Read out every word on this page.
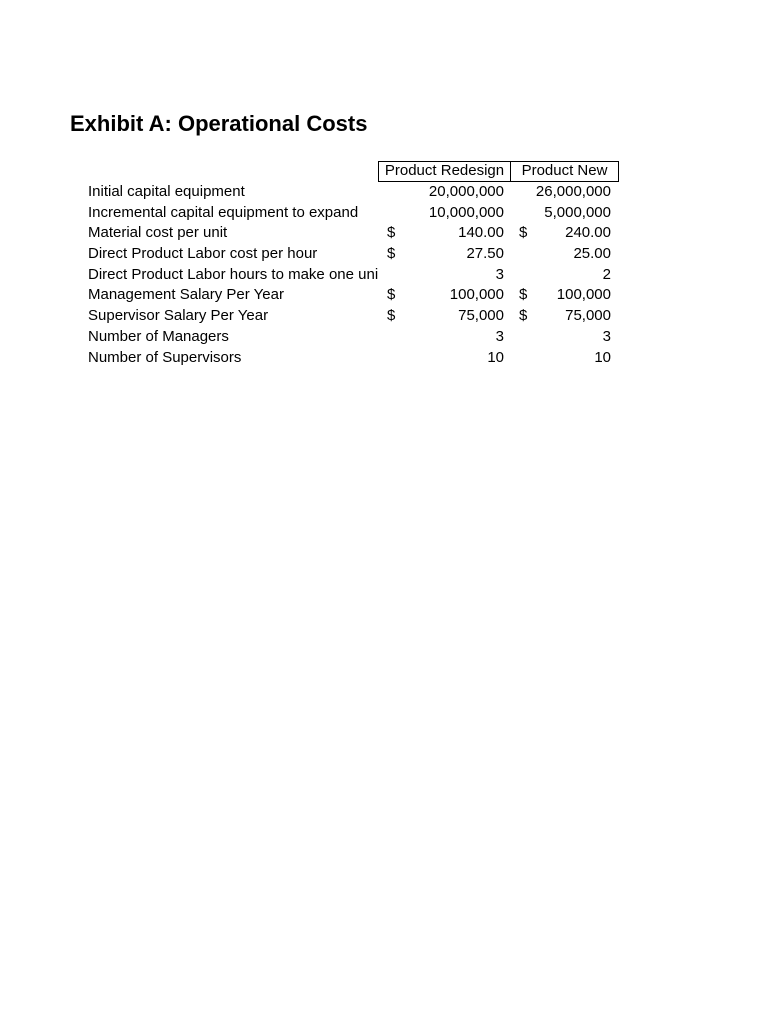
Exhibit A: Operational Costs
Product Redesign	Product New
Initial capital equipment	20,000,000	26,000,000
Incremental capital equipment to expand	10,000,000	5,000,000
Material cost per unit	$	140.00 $	240.00
Direct Product Labor cost per hour	$	27.50	25.00
Direct Product Labor hours to make one uni	3	2
Management Salary Per Year	$	100,000 $	100,000
Supervisor Salary Per Year	$	75,000 $	75,000
Number of Managers	3	3
Number of Supervisors	10	10
